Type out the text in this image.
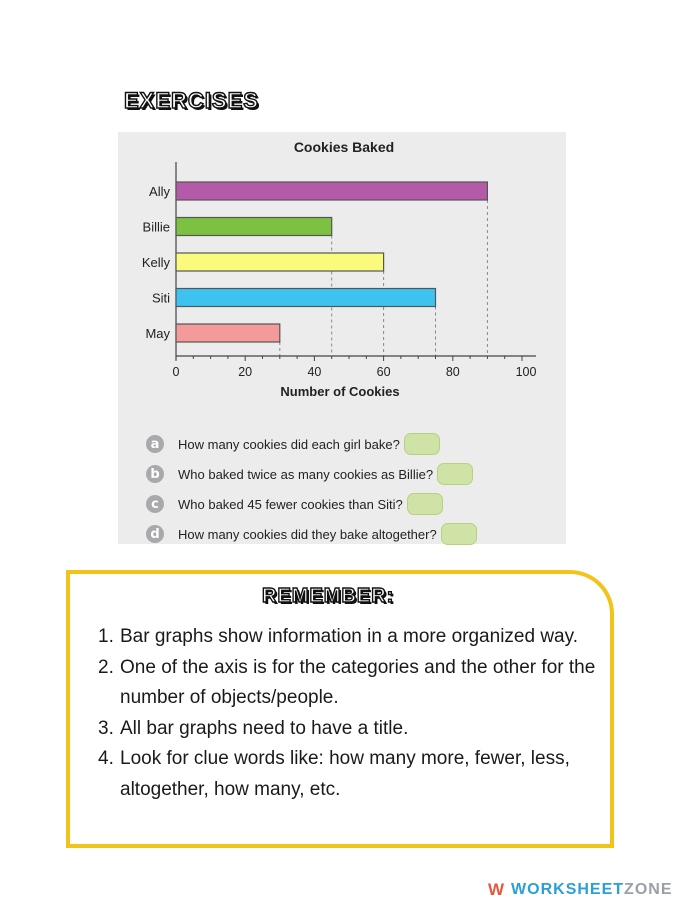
EXERCISES
Cookies Baked
0	20	40	60	80	100
Number of Cookies
Ally
Billie
Kelly
Siti
May
a	How many cookies did each girl bake?
b	Who baked twice as many cookies as Billie?
c	Who baked 45 fewer cookies than Siti?
d	How many cookies did they bake altogether?
REMEMBER:
1. Bar graphs show information in a more organized way.
2. One of the axis is for the categories and the other for the number of objects/people.
3. All bar graphs need to have a title.
4. Look for clue words like: how many more, fewer, less, altogether, how many, etc.
W WORKSHEET ZONE
